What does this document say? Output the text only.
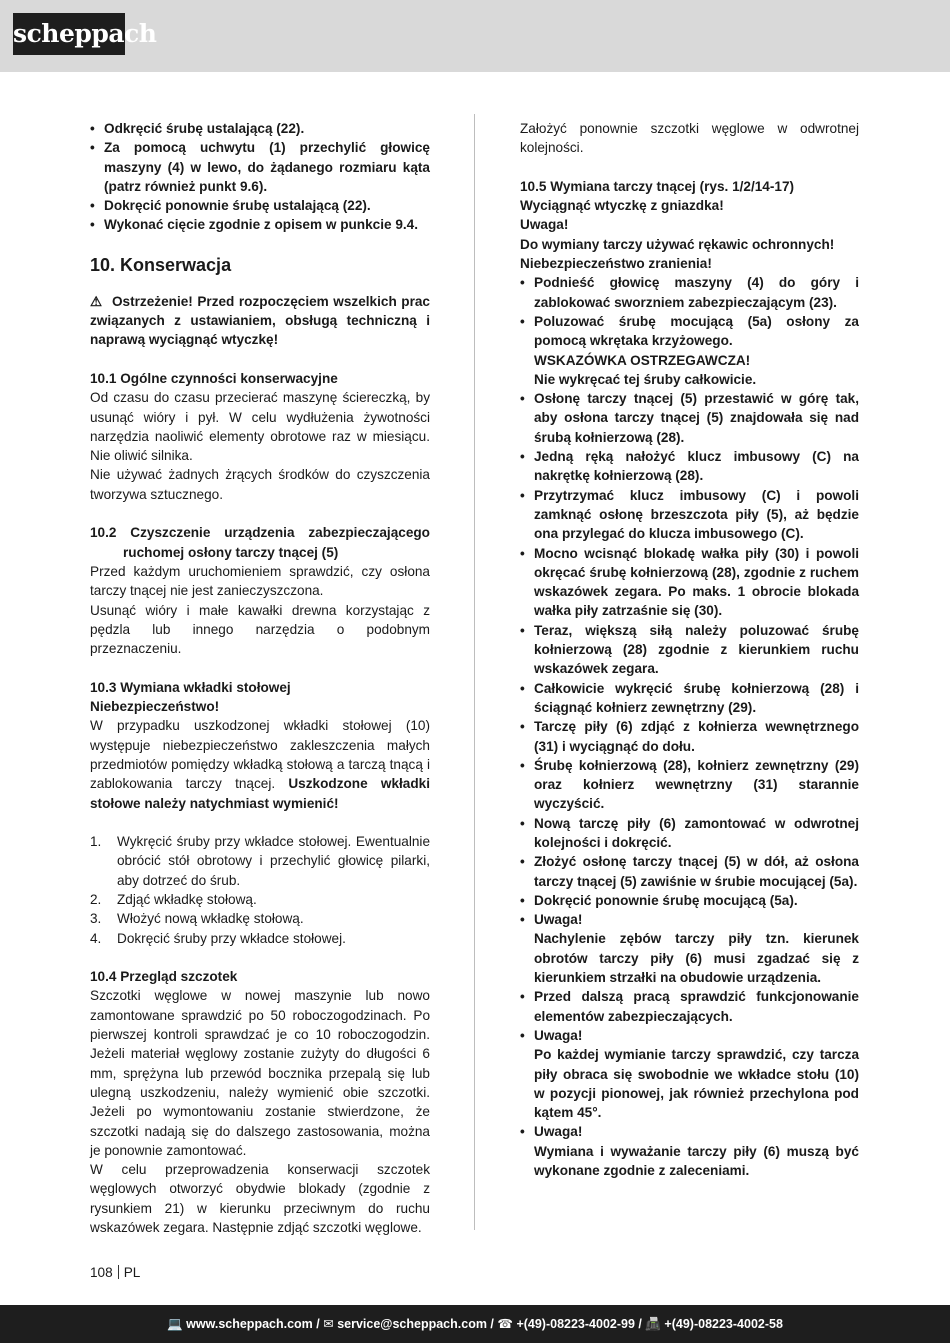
scheppach
• Odkręcić śrubę ustalającą (22).
• Za pomocą uchwytu (1) przechylić głowicę maszyny (4) w lewo, do żądanego rozmiaru kąta (patrz również punkt 9.6).
• Dokręcić ponownie śrubę ustalającą (22).
• Wykonać cięcie zgodnie z opisem w punkcie 9.4.
10. Konserwacja

⚠ Ostrzeżenie! Przed rozpoczęciem wszelkich prac związanych z ustawianiem, obsługą techniczną i naprawą wyciągnąć wtyczkę!

10.1 Ogólne czynności konserwacyjne

Od czasu do czasu przecierać maszynę ściereczką, by usunąć wióry i pył. W celu wydłużenia żywotności narzędzia naoliwić elementy obrotowe raz w miesiącu. Nie oliwić silnika.

Nie używać żadnych żrących środków do czyszczenia tworzywa sztucznego.

10.2 Czyszczenie urządzenia zabezpieczającego ruchomej osłony tarczy tnącej (5)

Przed każdym uruchomieniem sprawdzić, czy osłona tarczy tnącej nie jest zanieczyszczona.

Usunąć wióry i małe kawałki drewna korzystając z pędzla lub innego narzędzia o podobnym przeznaczeniu.

10.3 Wymiana wkładki stołowej

Niebezpieczeństwo!

W przypadku uszkodzonej wkładki stołowej (10) występuje niebezpieczeństwo zakleszczenia małych przedmiotów pomiędzy wkładką stołową a tarczą tnącą i zablokowania tarczy tnącej. Uszkodzone wkładki stołowe należy natychmiast wymienić!

1. Wykręcić śruby przy wkładce stołowej. Ewentualnie obrócić stół obrotowy i przechylić głowicę pilarki, aby dotrzeć do śrub.
2. Zdjąć wkładkę stołową.
3. Włożyć nową wkładkę stołową.
4. Dokręcić śruby przy wkładce stołowej.

10.4 Przegląd szczotek

Szczotki węglowe w nowej maszynie lub nowo zamontowane sprawdzić po 50 roboczogodzinach. Po pierwszej kontroli sprawdzać je co 10 roboczogodzin. Jeżeli materiał węglowy zostanie zużyty do długości 6 mm, sprężyna lub przewód bocznika przepalą się lub ulegną uszkodzeniu, należy wymienić obie szczotki. Jeżeli po wymontowaniu zostanie stwierdzone, że szczotki nadają się do dalszego zastosowania, można je ponownie zamontować.

W celu przeprowadzenia konserwacji szczotek węglowych otworzyć obydwie blokady (zgodnie z rysunkiem 21) w kierunku przeciwnym do ruchu wskazówek zegara. Następnie zdjąć szczotki węglowe.

Założyć ponownie szczotki węglowe w odwrotnej kolejności.

10.5 Wymiana tarczy tnącej (rys. 1/2/14-17)

Wyciągnąć wtyczkę z gniazdka!

Uwaga!

Do wymiany tarczy używać rękawic ochronnych!

Niebezpieczeństwo zranienia!

• Podnieść głowicę maszyny (4) do góry i zablokować sworzniem zabezpieczającym (23).
• Poluzować śrubę mocującą (5a) osłony za pomocą wkrętaka krzyżowego.
WSKAZÓWKA OSTRZEGAWCZA!
Nie wykręcać tej śruby całkowicie.
• Osłonę tarczy tnącej (5) przestawić w górę tak, aby osłona tarczy tnącej (5) znajdowała się nad śrubą kołnierzową (28).
• Jedną ręką nałożyć klucz imbusowy (C) na nakrętkę kołnierzową (28).
• Przytrzymać klucz imbusowy (C) i powoli zamknąć osłonę brzeszczota piły (5), aż będzie ona przylegać do klucza imbusowego (C).
• Mocno wcisnąć blokadę wałka piły (30) i powoli okręcać śrubę kołnierzową (28), zgodnie z ruchem wskazówek zegara. Po maks. 1 obrocie blokada wałka piły zatrzaśnie się (30).
• Teraz, większą siłą należy poluzować śrubę kołnierzową (28) zgodnie z kierunkiem ruchu wskazówek zegara.
• Całkowicie wykręcić śrubę kołnierzową (28) i ściągnąć kołnierz zewnętrzny (29).
• Tarczę piły (6) zdjąć z kołnierza wewnętrznego (31) i wyciągnąć do dołu.
• Śrubę kołnierzową (28), kołnierz zewnętrzny (29) oraz kołnierz wewnętrzny (31) starannie wyczyścić.
• Nową tarczę piły (6) zamontować w odwrotnej kolejności i dokręcić.
• Złożyć osłonę tarczy tnącej (5) w dół, aż osłona tarczy tnącej (5) zawiśnie w śrubie mocującej (5a).
• Dokręcić ponownie śrubę mocującą (5a).
• Uwaga!
Nachylenie zębów tarczy piły tzn. kierunek obrotów tarczy piły (6) musi zgadzać się z kierunkiem strzałki na obudowie urządzenia.
• Przed dalszą pracą sprawdzić funkcjonowanie elementów zabezpieczających.
• Uwaga!
Po każdej wymianie tarczy sprawdzić, czy tarcza piły obraca się swobodnie we wkładce stołu (10) w pozycji pionowej, jak również przechylona pod kątem 45°.
• Uwaga!
Wymiana i wyważanie tarczy piły (6) muszą być wykonane zgodnie z zaleceniami.
108 PL
💻 www.scheppach.com / ✉ service@scheppach.com / ☎ +(49)-08223-4002-99 / 📠 +(49)-08223-4002-58
